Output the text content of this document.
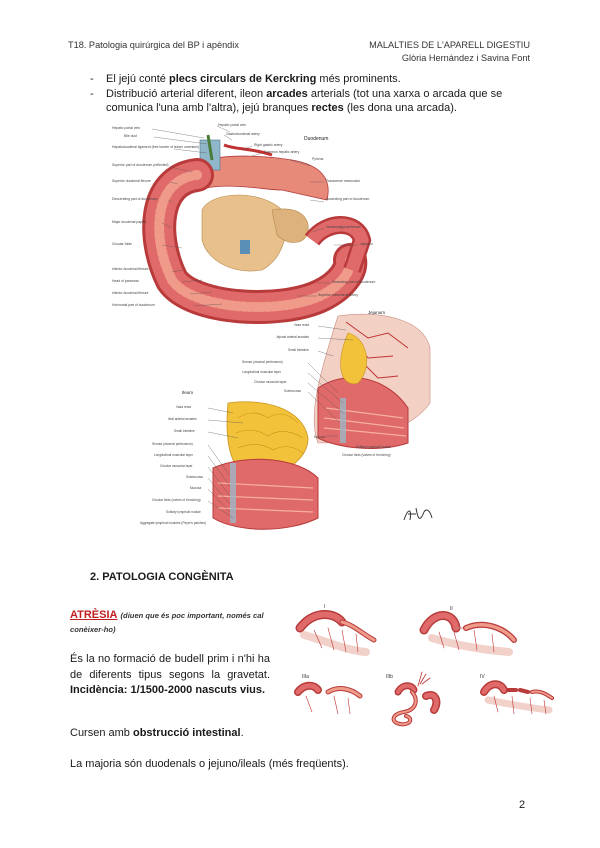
T18. Patologia quirúrgica del BP i apèndix	MALALTIES DE L'APARELL DIGESTIU
Glòria Hernández i Savina Font
- El jejú conté plecs circulars de Kerckring més prominents.
- Distribució arterial diferent, ileon arcades arterials (tot una xarxa o arcada que se comunica l'una amb l'altra), jejú branques rectes (les dona una arcada).
Duodenum
Hepatic portal vein
Bile duct
Hepatoduodenal ligament (free border of lesser omentum)
Superior part of duodenum (reflected)
Superior duodenal flexure
Descending part of duodenum
Major duodenal papilla
Circular folds
Inferior duodenal flexure
Head of pancreas
Inferior duodenal flexure
Horizontal part of duodenum
Hepatic portal vein
Gastroduodenal artery
Right gastric artery
Common hepatic artery
Pylorus
Transverse mesocolon
Ascending part of duodenum
Duodenojejunal flexure
Jejunum
Ascending part of duodenum
Superior mesenteric artery
Jejunum
Ileum
Vasa recta
Jejunal arterial arcades
Small intestine
Serosa (visceral peritoneum)
Longitudinal muscular layer
Circular muscular layer
Submucosa
Mucosa
Solitary lymphoid nodule
Circular folds (valves of Kerckring)
Vasa recta
Ileal arterial arcades
Small intestine
Serosa (visceral peritoneum)
Longitudinal muscular layer
Circular muscular layer
Submucosa
Mucosa
Circular folds (valves of Kerckring)
Solitary lymphoid nodule
Aggregate lymphoid nodules (Peyer's patches)
2. PATOLOGIA CONGÈNITA
ATRÈSIA (diuen que és poc important, només cal
conèixer-ho)
És la no formació de budell prim i n'hi ha de diferents tipus segons la gravetat. Incidència: 1/1500-2000 nascuts vius.
Cursen amb obstrucció intestinal.
La majoria són duodenals o jejuno/ileals (més freqüents).
I	II
IIIa	IIIb	IV
2
